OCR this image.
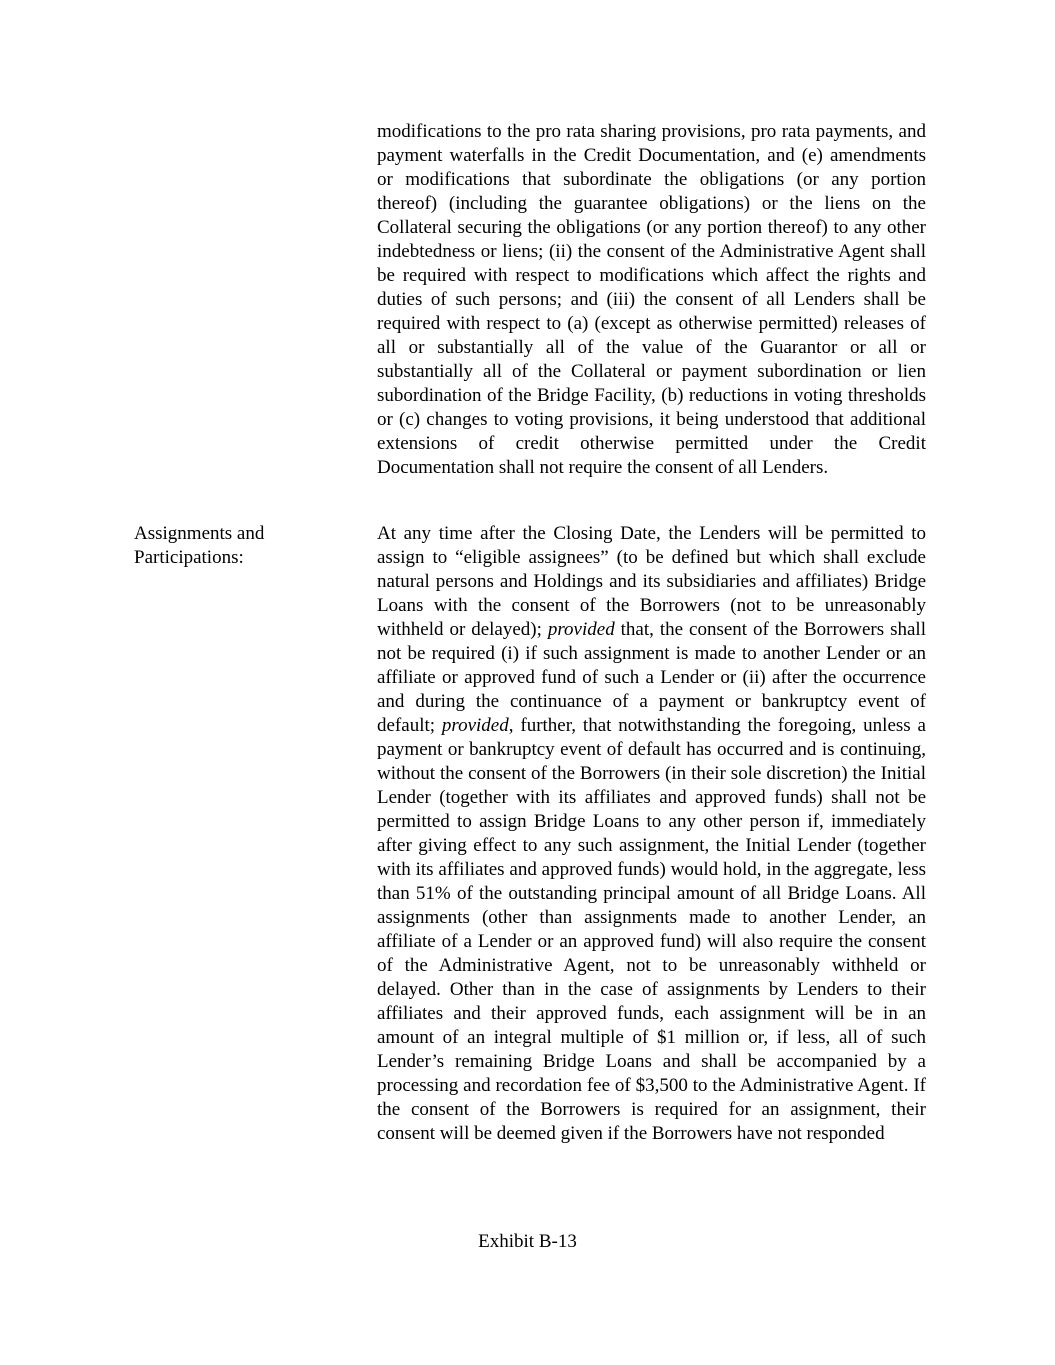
modifications to the pro rata sharing provisions, pro rata payments, and payment waterfalls in the Credit Documentation, and (e) amendments or modifications that subordinate the obligations (or any portion thereof) (including the guarantee obligations) or the liens on the Collateral securing the obligations (or any portion thereof) to any other indebtedness or liens; (ii) the consent of the Administrative Agent shall be required with respect to modifications which affect the rights and duties of such persons; and (iii) the consent of all Lenders shall be required with respect to (a) (except as otherwise permitted) releases of all or substantially all of the value of the Guarantor or all or substantially all of the Collateral or payment subordination or lien subordination of the Bridge Facility, (b) reductions in voting thresholds or (c) changes to voting provisions, it being understood that additional extensions of credit otherwise permitted under the Credit Documentation shall not require the consent of all Lenders.
Assignments and Participations:
At any time after the Closing Date, the Lenders will be permitted to assign to “eligible assignees” (to be defined but which shall exclude natural persons and Holdings and its subsidiaries and affiliates) Bridge Loans with the consent of the Borrowers (not to be unreasonably withheld or delayed); provided that, the consent of the Borrowers shall not be required (i) if such assignment is made to another Lender or an affiliate or approved fund of such a Lender or (ii) after the occurrence and during the continuance of a payment or bankruptcy event of default; provided, further, that notwithstanding the foregoing, unless a payment or bankruptcy event of default has occurred and is continuing, without the consent of the Borrowers (in their sole discretion) the Initial Lender (together with its affiliates and approved funds) shall not be permitted to assign Bridge Loans to any other person if, immediately after giving effect to any such assignment, the Initial Lender (together with its affiliates and approved funds) would hold, in the aggregate, less than 51% of the outstanding principal amount of all Bridge Loans. All assignments (other than assignments made to another Lender, an affiliate of a Lender or an approved fund) will also require the consent of the Administrative Agent, not to be unreasonably withheld or delayed. Other than in the case of assignments by Lenders to their affiliates and their approved funds, each assignment will be in an amount of an integral multiple of $1 million or, if less, all of such Lender’s remaining Bridge Loans and shall be accompanied by a processing and recordation fee of $3,500 to the Administrative Agent. If the consent of the Borrowers is required for an assignment, their consent will be deemed given if the Borrowers have not responded
Exhibit B-13
